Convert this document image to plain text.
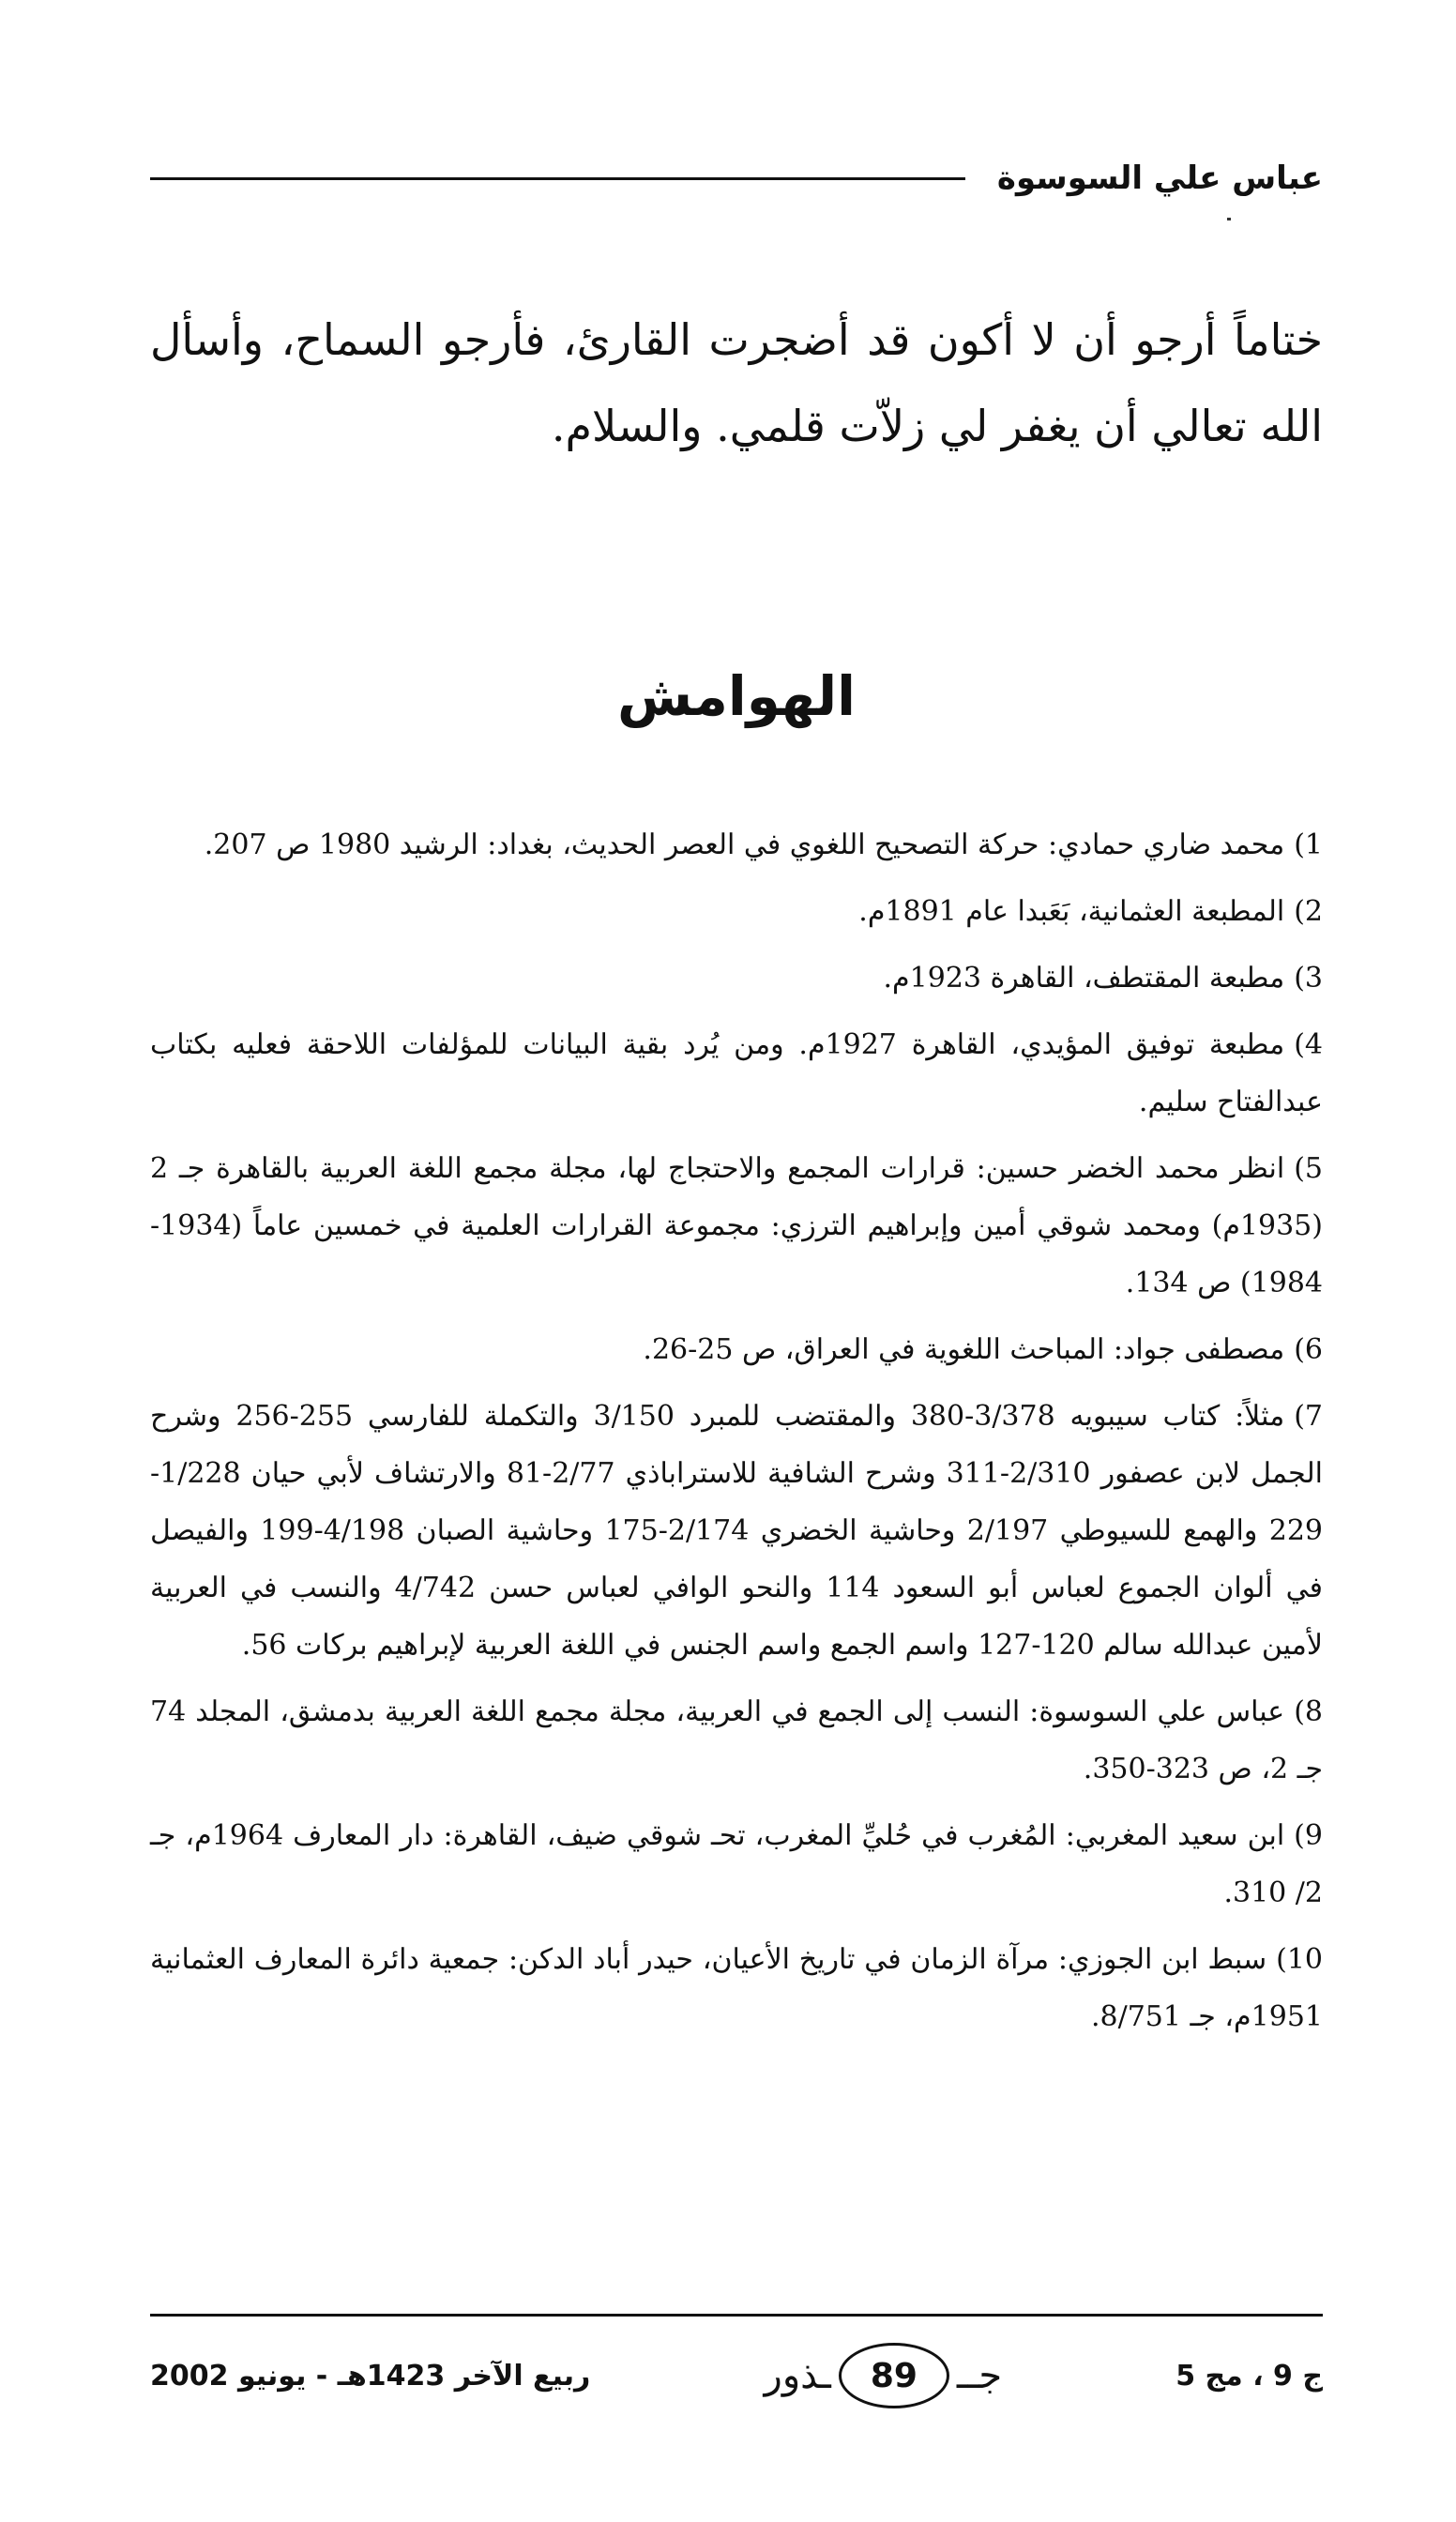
عباس علي السوسوة

ختاماً أرجو أن لا أكون قد أضجرت القارئ، فأرجو السماح، وأسأل الله تعالي أن يغفر لي زلاّت قلمي. والسلام.

الهوامش
1)محمد ضاري حمادي: حركة التصحيح اللغوي في العصر الحديث، بغداد: الرشيد 1980 ص 207.
2)المطبعة العثمانية، بَعَبدا عام 1891م.
3)مطبعة المقتطف، القاهرة 1923م.
4)مطبعة توفيق المؤيدي، القاهرة 1927م. ومن يُرد بقية البيانات للمؤلفات اللاحقة فعليه بكتاب عبدالفتاح سليم.
5)انظر محمد الخضر حسين: قرارات المجمع والاحتجاج لها، مجلة مجمع اللغة العربية بالقاهرة جـ 2 (1935م) ومحمد شوقي أمين وإبراهيم الترزي: مجموعة القرارات العلمية في خمسين عاماً (1934-1984) ص 134.
6)مصطفى جواد: المباحث اللغوية في العراق، ص 25-26.
7)مثلاً: كتاب سيبويه 3/378-380 والمقتضب للمبرد 3/150 والتكملة للفارسي 255-256 وشرح الجمل لابن عصفور 2/310-311 وشرح الشافية للاستراباذي 2/77-81 والارتشاف لأبي حيان 1/228-229 والهمع للسيوطي 2/197 وحاشية الخضري 2/174-175 وحاشية الصبان 4/198-199 والفيصل في ألوان الجموع لعباس أبو السعود 114 والنحو الوافي لعباس حسن 4/742 والنسب في العربية لأمين عبدالله سالم 120-127 واسم الجمع واسم الجنس في اللغة العربية لإبراهيم بركات 56.
8)عباس علي السوسوة: النسب إلى الجمع في العربية، مجلة مجمع اللغة العربية بدمشق، المجلد 74 جـ 2، ص 323-350.
9)ابن سعيد المغربي: المُغرب في حُليِّ المغرب، تحـ شوقي ضيف، القاهرة: دار المعارف 1964م، جـ 2/ 310.
10)سبط ابن الجوزي: مرآة الزمان في تاريخ الأعيان، حيدر أباد الدكن: جمعية دائرة المعارف العثمانية 1951م، جـ 8/751.
ج 9 ، مج 5
جــ
89
ـذور
ربيع الآخر 1423هـ - يونيو 2002
